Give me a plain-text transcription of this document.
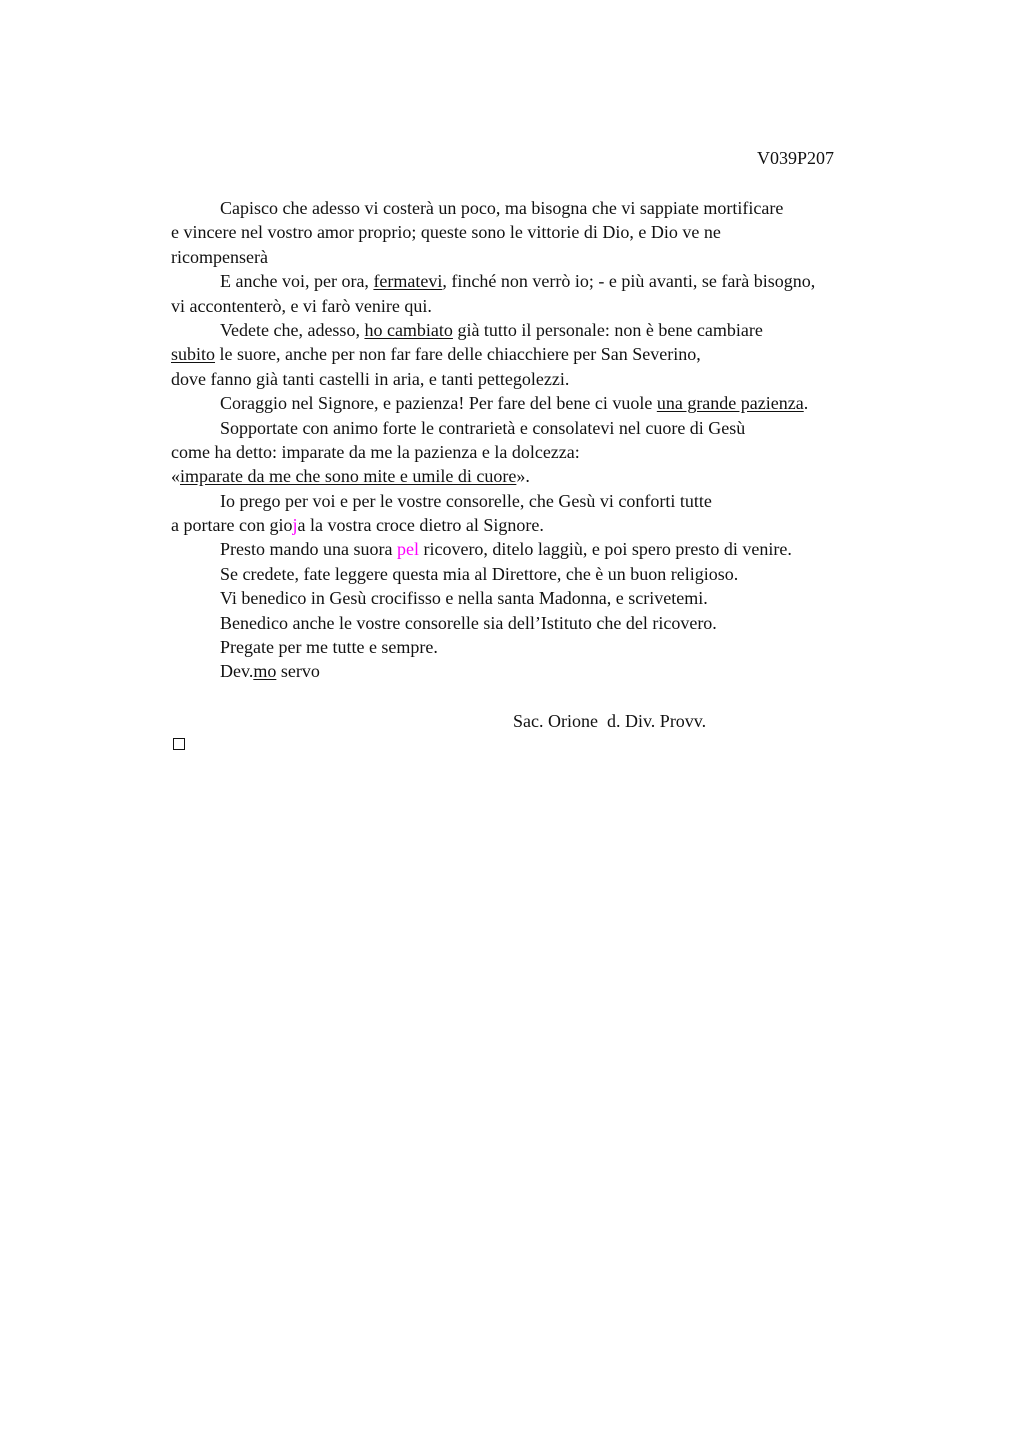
V039P207
Capisco che adesso vi costerà un poco, ma bisogna che vi sappiate mortificare
e vincere nel vostro amor proprio; queste sono le vittorie di Dio, e Dio ve ne
ricompenserà
E anche voi, per ora, fermatevi, finché non verrò io; - e più avanti, se farà bisogno,
vi accontenterò, e vi farò venire qui.
Vedete che, adesso, ho cambiato già tutto il personale: non è bene cambiare
subito le suore, anche per non far fare delle chiacchiere per San Severino,
dove fanno già tanti castelli in aria, e tanti pettegolezzi.
Coraggio nel Signore, e pazienza! Per fare del bene ci vuole una grande pazienza.
Sopportate con animo forte le contrarietà e consolatevi nel cuore di Gesù
come ha detto: imparate da me la pazienza e la dolcezza:
«imparate da me che sono mite e umile di cuore».
Io prego per voi e per le vostre consorelle, che Gesù vi conforti tutte
a portare con gioja la vostra croce dietro al Signore.
Presto mando una suora pel ricovero, ditelo laggiù, e poi spero presto di venire.
Se credete, fate leggere questa mia al Direttore, che è un buon religioso.
Vi benedico in Gesù crocifisso e nella santa Madonna, e scrivetemi.
Benedico anche le vostre consorelle sia dell’Istituto che del ricovero.
Pregate per me tutte e sempre.
Dev.mo servo
Sac. Orione  d. Div. Provv.
